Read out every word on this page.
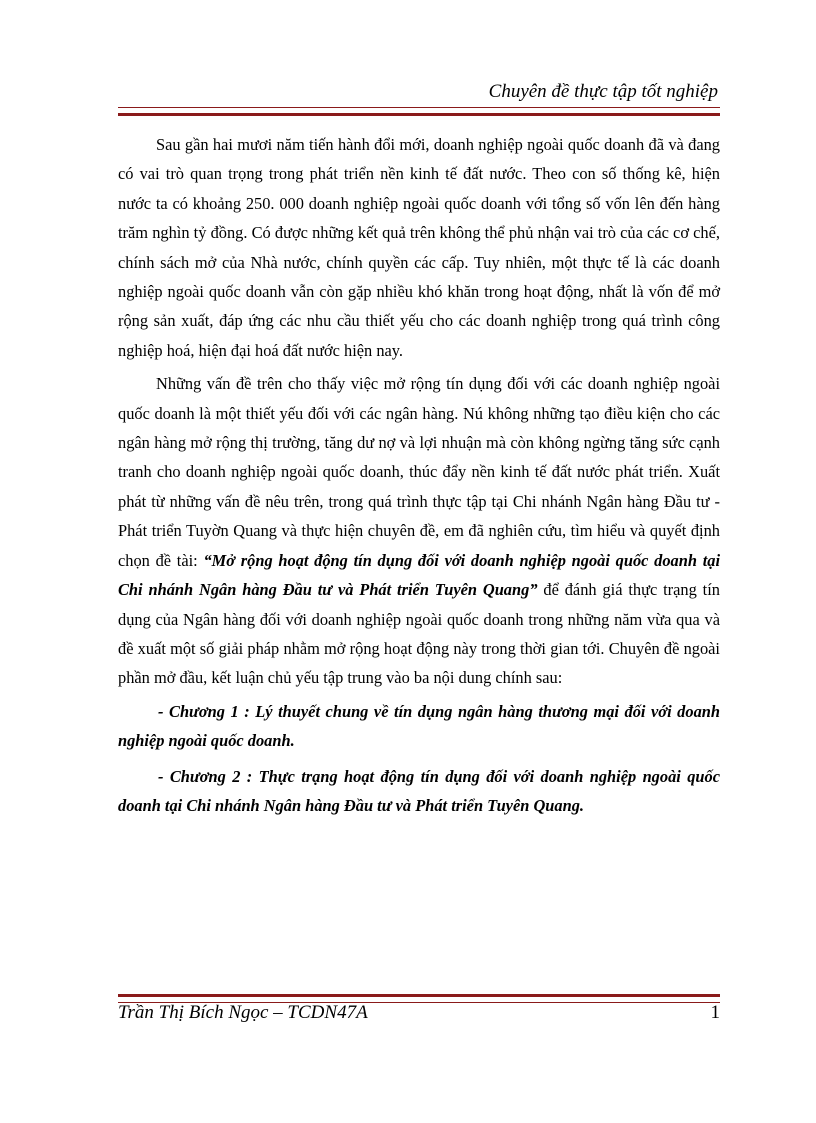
Chuyên đề thực tập tốt nghiệp

Sau gần hai mươi năm tiến hành đổi mới, doanh nghiệp ngoài quốc doanh đã và đang có vai trò quan trọng trong phát triển nền kinh tế đất nước. Theo con số thống kê, hiện nước ta có khoảng 250. 000 doanh nghiệp ngoài quốc doanh với tổng số vốn lên đến hàng trăm nghìn tỷ đồng. Có được những kết quả trên không thể phủ nhận vai trò của các cơ chế, chính sách mở của Nhà nước, chính quyền các cấp. Tuy nhiên, một thực tế là các doanh nghiệp ngoài quốc doanh vẫn còn gặp nhiều khó khăn trong hoạt động, nhất là vốn để mở rộng sản xuất, đáp ứng các nhu cầu thiết yếu cho các doanh nghiệp trong quá trình công nghiệp hoá, hiện đại hoá đất nước hiện nay.

Những vấn đề trên cho thấy việc mở rộng tín dụng đối với các doanh nghiệp ngoài quốc doanh là một thiết yếu đối với các ngân hàng. Nú không những tạo điều kiện cho các ngân hàng mở rộng thị trường, tăng dư nợ và lợi nhuận mà còn không ngừng tăng sức cạnh tranh cho doanh nghiệp ngoài quốc doanh, thúc đẩy nền kinh tế đất nước phát triển. Xuất phát từ những vấn đề nêu trên, trong quá trình thực tập tại Chi nhánh Ngân hàng Đầu tư - Phát triển Tuyờn Quang và thực hiện chuyên đề, em đã nghiên cứu, tìm hiểu và quyết định chọn đề tài: “Mở rộng hoạt động tín dụng đối với doanh nghiệp ngoài quốc doanh tại Chi nhánh Ngân hàng Đầu tư và Phát triển Tuyên Quang” để đánh giá thực trạng tín dụng của Ngân hàng đối với doanh nghiệp ngoài quốc doanh trong những năm vừa qua và đề xuất một số giải pháp nhằm mở rộng hoạt động này trong thời gian tới. Chuyên đề ngoài phần mở đầu, kết luận chủ yếu tập trung vào ba nội dung chính sau:

- Chương 1 : Lý thuyết chung về tín dụng ngân hàng thương mại đối với doanh nghiệp ngoài quốc doanh.

- Chương 2 : Thực trạng hoạt động tín dụng đối với doanh nghiệp ngoài quốc doanh tại Chi nhánh Ngân hàng Đầu tư và Phát triển Tuyên Quang.

Trần Thị Bích Ngọc – TCDN47A	1
